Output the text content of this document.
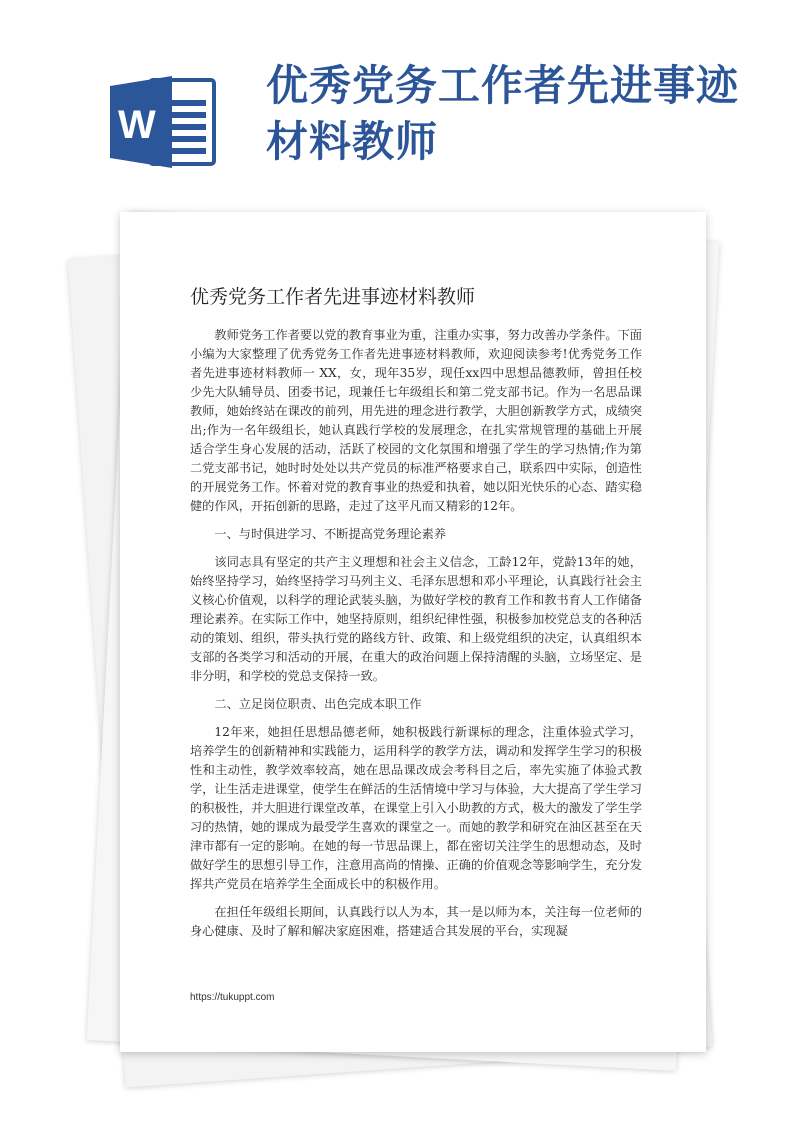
W
优秀党务工作者先进事迹材料教师
优秀党务工作者先进事迹材料教师

教师党务工作者要以党的教育事业为重，注重办实事，努力改善办学条件。下面小编为大家整理了优秀党务工作者先进事迹材料教师，欢迎阅读参考!优秀党务工作者先进事迹材料教师一 XX，女，现年35岁，现任xx四中思想品德教师，曾担任校少先大队辅导员、团委书记，现兼任七年级组长和第二党支部书记。作为一名思品课教师，她始终站在课改的前列，用先进的理念进行教学，大胆创新教学方式，成绩突出;作为一名年级组长，她认真践行学校的发展理念，在扎实常规管理的基础上开展适合学生身心发展的活动，活跃了校园的文化氛围和增强了学生的学习热情;作为第二党支部书记，她时时处处以共产党员的标准严格要求自己，联系四中实际，创造性的开展党务工作。怀着对党的教育事业的热爱和执着，她以阳光快乐的心态、踏实稳健的作风，开拓创新的思路，走过了这平凡而又精彩的12年。

一、与时俱进学习、不断提高党务理论素养

该同志具有坚定的共产主义理想和社会主义信念，工龄12年，党龄13年的她，始终坚持学习，始终坚持学习马列主义、毛泽东思想和邓小平理论，认真践行社会主义核心价值观，以科学的理论武装头脑，为做好学校的教育工作和教书育人工作储备理论素养。在实际工作中，她坚持原则，组织纪律性强，积极参加校党总支的各种活动的策划、组织，带头执行党的路线方针、政策、和上级党组织的决定，认真组织本支部的各类学习和活动的开展，在重大的政治问题上保持清醒的头脑，立场坚定、是非分明，和学校的党总支保持一致。

二、立足岗位职责、出色完成本职工作

12年来，她担任思想品德老师，她积极践行新课标的理念，注重体验式学习，培养学生的创新精神和实践能力，运用科学的教学方法，调动和发挥学生学习的积极性和主动性，教学效率较高，她在思品课改成会考科目之后，率先实施了体验式教学，让生活走进课堂，使学生在鲜活的生活情境中学习与体验，大大提高了学生学习的积极性，并大胆进行课堂改革，在课堂上引入小助教的方式，极大的激发了学生学习的热情，她的课成为最受学生喜欢的课堂之一。而她的教学和研究在油区甚至在天津市都有一定的影响。在她的每一节思品课上，都在密切关注学生的思想动态，及时做好学生的思想引导工作，注意用高尚的情操、正确的价值观念等影响学生，充分发挥共产党员在培养学生全面成长中的积极作用。

在担任年级组长期间，认真践行以人为本，其一是以师为本，关注每一位老师的身心健康、及时了解和解决家庭困难，搭建适合其发展的平台，实现凝

https://tukuppt.com
